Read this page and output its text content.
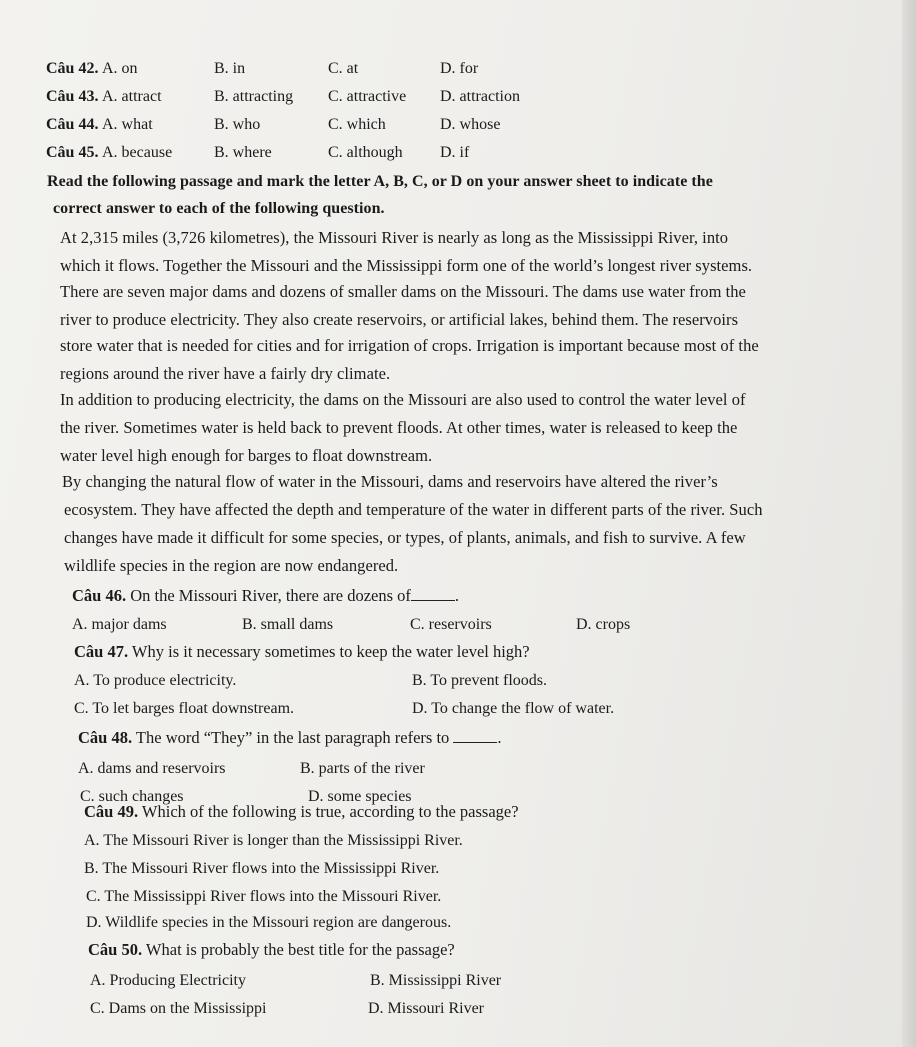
Câu 42. A. on	B. in	C. at	D. for
Câu 43. A. attract	B. attracting C. attractive D. attraction
Câu 44. A. what	B. who	C. which	D. whose
Câu 45. A. because	B. where	C. although D. if
Read the following passage and mark the letter A, B, C, or D on your answer sheet to indicate the
correct answer to each of the following question.
At 2,315 miles (3,726 kilometres), the Missouri River is nearly as long as the Mississippi River, into
which it flows. Together the Missouri and the Mississippi form one of the world’s longest river systems.
There are seven major dams and dozens of smaller dams on the Missouri. The dams use water from the
river to produce electricity. They also create reservoirs, or artificial lakes, behind them. The reservoirs
store water that is needed for cities and for irrigation of crops. Irrigation is important because most of the
regions around the river have a fairly dry climate.
In addition to producing electricity, the dams on the Missouri are also used to control the water level of
the river. Sometimes water is held back to prevent floods. At other times, water is released to keep the
water level high enough for barges to float downstream.
By changing the natural flow of water in the Missouri, dams and reservoirs have altered the river’s
ecosystem. They have affected the depth and temperature of the water in different parts of the river. Such
changes have made it difficult for some species, or types, of plants, animals, and fish to survive. A few
wildlife species in the region are now endangered.
Câu 46. On the Missouri River, there are dozens of	.
A. major dams	B. small dams	C. reservoirs	D. crops
Câu 47. Why is it necessary sometimes to keep the water level high?
A. To produce electricity.	B. To prevent floods.
C. To let barges float downstream.	D. To change the flow of water.
Câu 48. The word “They” in the last paragraph refers to	.
A. dams and reservoirs	B. parts of the river
C. such changes	D. some species
Câu 49. Which of the following is true, according to the passage?
A. The Missouri River is longer than the Mississippi River.
B. The Missouri River flows into the Mississippi River.
C. The Mississippi River flows into the Missouri River.
D. Wildlife species in the Missouri region are dangerous.
Câu 50. What is probably the best title for the passage?
A. Producing Electricity	B. Mississippi River
C. Dams on the Mississippi	D. Missouri River
